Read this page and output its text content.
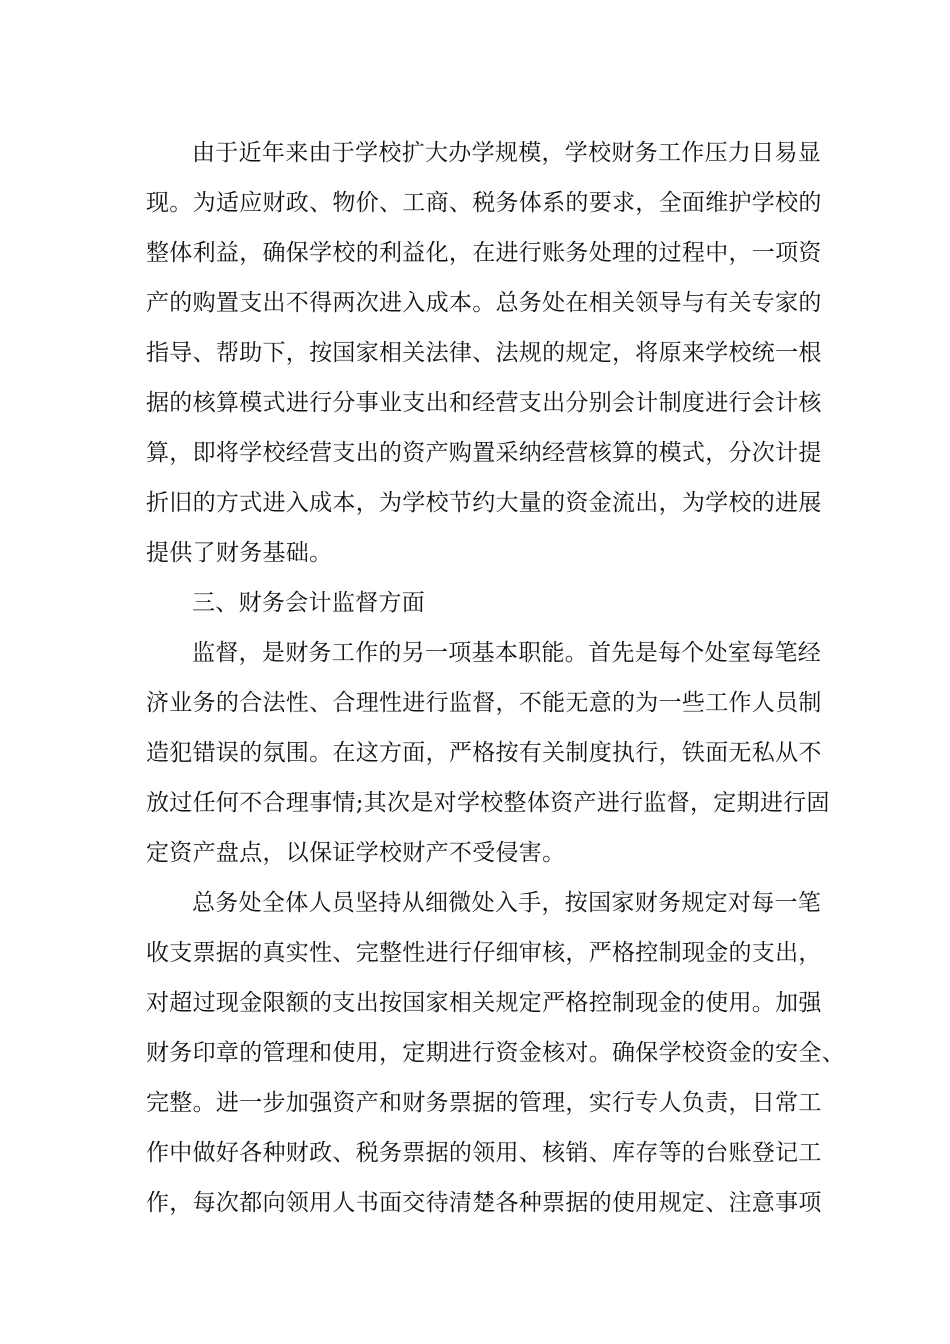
由于近年来由于学校扩大办学规模，学校财务工作压力日易显
现。为适应财政、物价、工商、税务体系的要求，全面维护学校的
整体利益，确保学校的利益化，在进行账务处理的过程中，一项资
产的购置支出不得两次进入成本。总务处在相关领导与有关专家的
指导、帮助下，按国家相关法律、法规的规定，将原来学校统一根
据的核算模式进行分事业支出和经营支出分别会计制度进行会计核
算，即将学校经营支出的资产购置采纳经营核算的模式，分次计提
折旧的方式进入成本，为学校节约大量的资金流出，为学校的进展
提供了财务基础。
三、财务会计监督方面
监督，是财务工作的另一项基本职能。首先是每个处室每笔经
济业务的合法性、合理性进行监督，不能无意的为一些工作人员制
造犯错误的氛围。在这方面，严格按有关制度执行，铁面无私从不
放过任何不合理事情;其次是对学校整体资产进行监督，定期进行固
定资产盘点，以保证学校财产不受侵害。
总务处全体人员坚持从细微处入手，按国家财务规定对每一笔
收支票据的真实性、完整性进行仔细审核，严格控制现金的支出，
对超过现金限额的支出按国家相关规定严格控制现金的使用。加强
财务印章的管理和使用，定期进行资金核对。确保学校资金的安全、
完整。进一步加强资产和财务票据的管理，实行专人负责，日常工
作中做好各种财政、税务票据的领用、核销、库存等的台账登记工
作，每次都向领用人书面交待清楚各种票据的使用规定、注意事项
